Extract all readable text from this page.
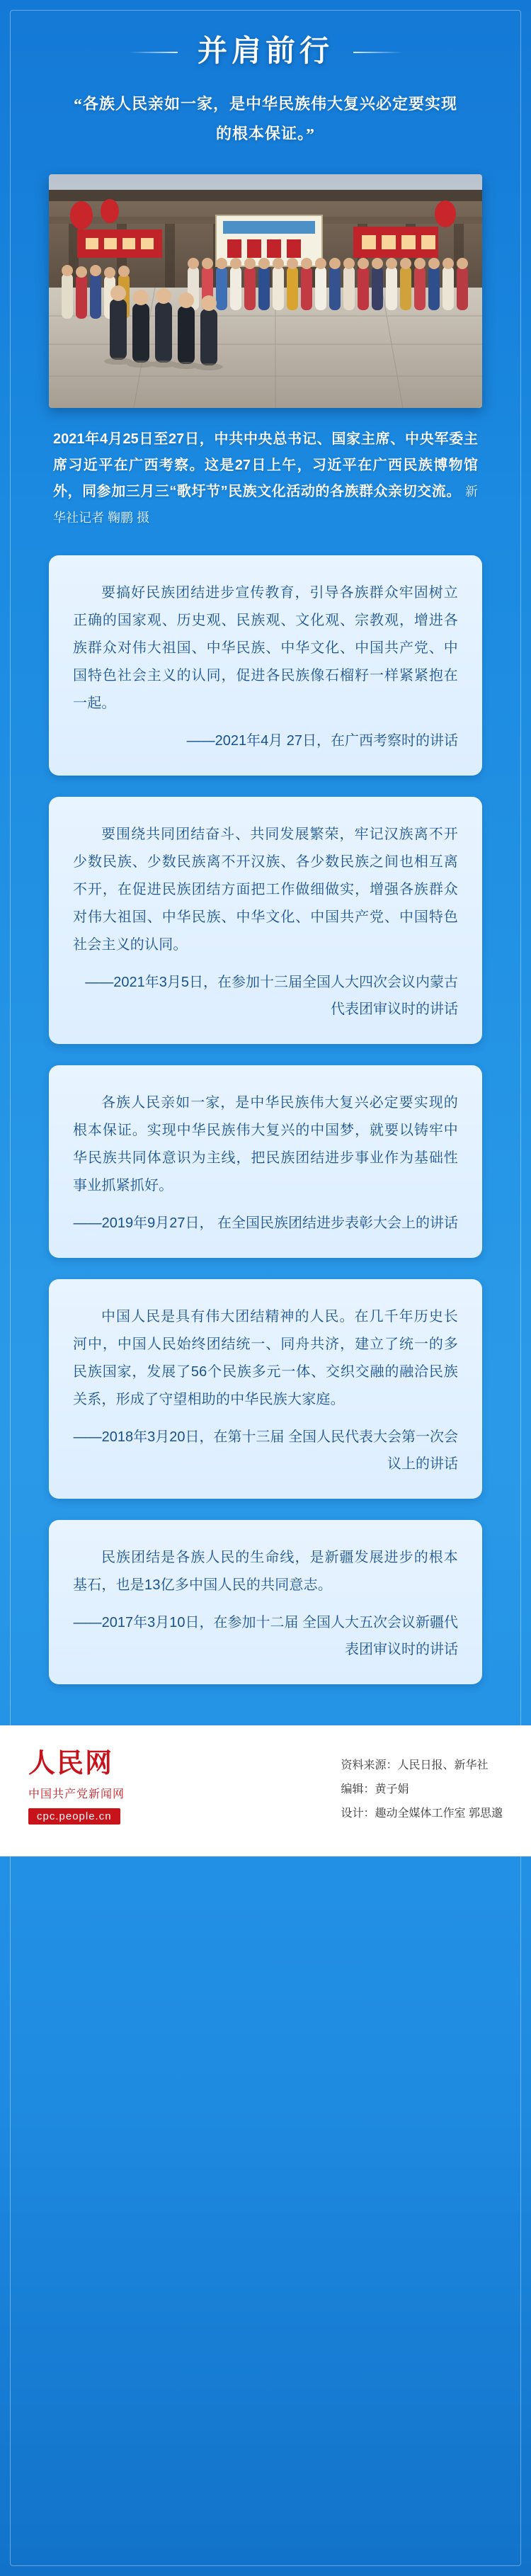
并肩前行
“各族人民亲如一家，是中华民族伟大复兴必定要实现的根本保证。”
2021年4月25日至27日，中共中央总书记、国家主席、中央军委主席习近平在广西考察。这是27日上午，习近平在广西民族博物馆外，同参加三月三“歌圩节”民族文化活动的各族群众亲切交流。 新华社记者 鞠鹏 摄
要搞好民族团结进步宣传教育，引导各族群众牢固树立正确的国家观、历史观、民族观、文化观、宗教观，增进各族群众对伟大祖国、中华民族、中华文化、中国共产党、中国特色社会主义的认同，促进各民族像石榴籽一样紧紧抱在一起。
——2021年4月 27日，在广西考察时的讲话
要围绕共同团结奋斗、共同发展繁荣，牢记汉族离不开少数民族、少数民族离不开汉族、各少数民族之间也相互离不开，在促进民族团结方面把工作做细做实，增强各族群众对伟大祖国、中华民族、中华文化、中国共产党、中国特色社会主义的认同。
——2021年3月5日，在参加十三届全国人大四次会议内蒙古代表团审议时的讲话
各族人民亲如一家，是中华民族伟大复兴必定要实现的根本保证。实现中华民族伟大复兴的中国梦，就要以铸牢中华民族共同体意识为主线，把民族团结进步事业作为基础性事业抓紧抓好。
——2019年9月27日， 在全国民族团结进步表彰大会上的讲话
中国人民是具有伟大团结精神的人民。在几千年历史长河中，中国人民始终团结统一、同舟共济，建立了统一的多民族国家，发展了56个民族多元一体、交织交融的融洽民族关系，形成了守望相助的中华民族大家庭。
——2018年3月20日，在第十三届 全国人民代表大会第一次会议上的讲话
民族团结是各族人民的生命线，是新疆发展进步的根本基石，也是13亿多中国人民的共同意志。
——2017年3月10日，在参加十二届 全国人大五次会议新疆代表团审议时的讲话
人民网
中国共产党新闻网
cpc.people.cn
资料来源：人民日报、新华社
编辑：黄子娟
设计：趣动全媒体工作室 郭思邈
